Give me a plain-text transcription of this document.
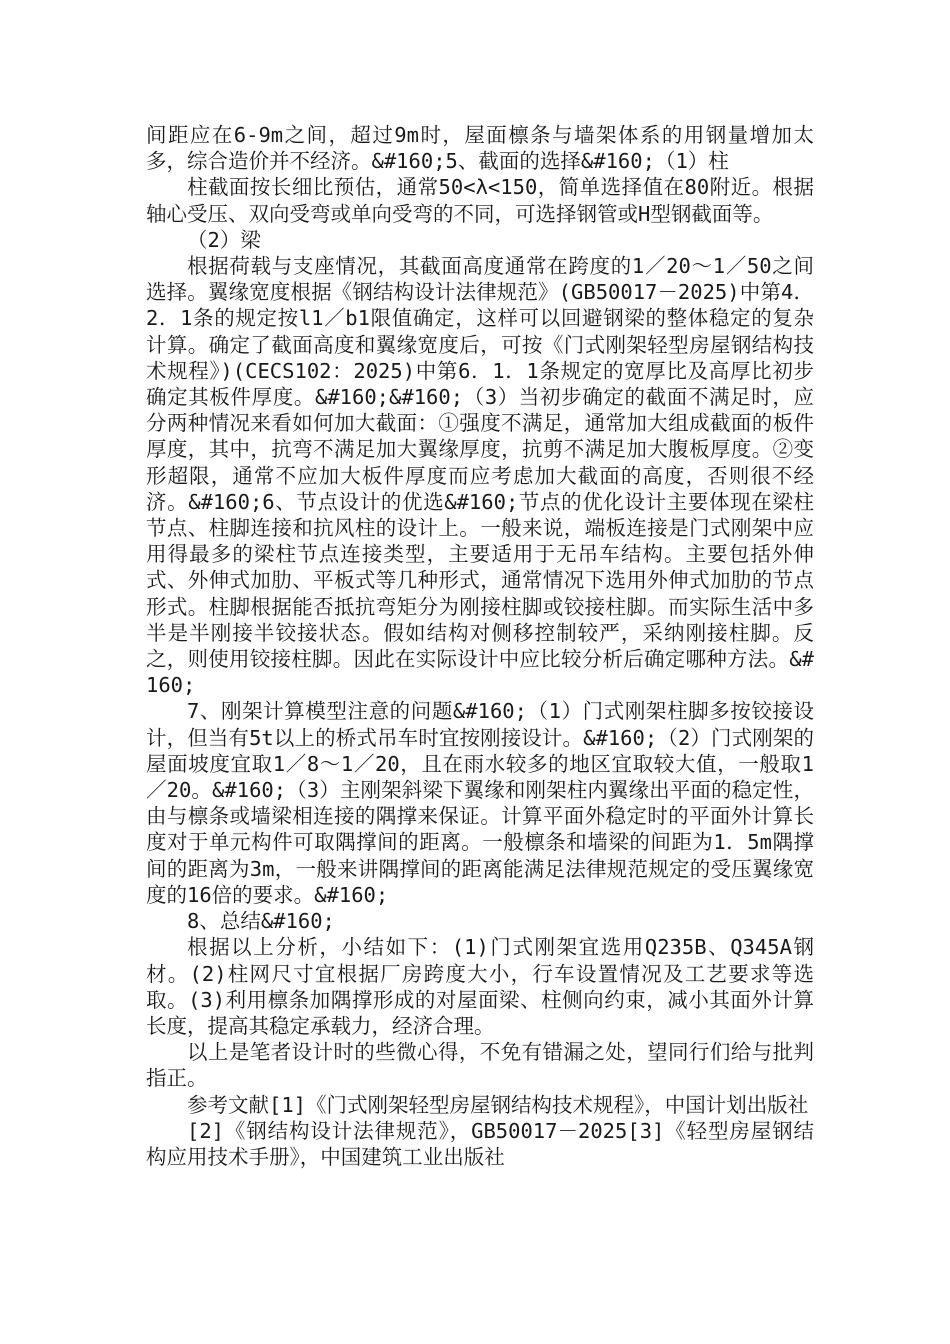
间距应在6-9m之间，超过9m时，屋面檩条与墙架体系的用钢量增加太多，综合造价并不经济。&#160;5、截面的选择&#160;（1）柱

柱截面按长细比预估，通常50<λ<150，简单选择值在80附近。根据轴心受压、双向受弯或单向受弯的不同，可选择钢管或H型钢截面等。

（2）梁

根据荷载与支座情况，其截面高度通常在跨度的1／20～1／50之间选择。翼缘宽度根据《钢结构设计法律规范》(GB50017－2025)中第4．2．1条的规定按l1／b1限值确定，这样可以回避钢梁的整体稳定的复杂计算。确定了截面高度和翼缘宽度后，可按《门式刚架轻型房屋钢结构技术规程》)(CECS102：2025)中第6．1．1条规定的宽厚比及高厚比初步确定其板件厚度。&#160;&#160;（3）当初步确定的截面不满足时，应分两种情况来看如何加大截面：①强度不满足，通常加大组成截面的板件厚度，其中，抗弯不满足加大翼缘厚度，抗剪不满足加大腹板厚度。②变形超限，通常不应加大板件厚度而应考虑加大截面的高度，否则很不经济。&#160;6、节点设计的优选&#160;节点的优化设计主要体现在梁柱节点、柱脚连接和抗风柱的设计上。一般来说，端板连接是门式刚架中应用得最多的梁柱节点连接类型，主要适用于无吊车结构。主要包括外伸式、外伸式加肋、平板式等几种形式，通常情况下选用外伸式加肋的节点形式。柱脚根据能否抵抗弯矩分为刚接柱脚或铰接柱脚。而实际生活中多半是半刚接半铰接状态。假如结构对侧移控制较严，采纳刚接柱脚。反之，则使用铰接柱脚。因此在实际设计中应比较分析后确定哪种方法。&#160;

7、刚架计算模型注意的问题&#160;（1）门式刚架柱脚多按铰接设计，但当有5t以上的桥式吊车时宜按刚接设计。&#160;（2）门式刚架的屋面坡度宜取1／8～1／20，且在雨水较多的地区宜取较大值，一般取1／20。&#160;（3）主刚架斜梁下翼缘和刚架柱内翼缘出平面的稳定性，由与檩条或墙梁相连接的隅撑来保证。计算平面外稳定时的平面外计算长度对于单元构件可取隅撑间的距离。一般檩条和墙梁的间距为1．5m隅撑间的距离为3m，一般来讲隅撑间的距离能满足法律规范规定的受压翼缘宽度的16倍的要求。&#160;

8、总结&#160;

根据以上分析，小结如下：(1)门式刚架宜选用Q235B、Q345A钢材。(2)柱网尺寸宜根据厂房跨度大小，行车设置情况及工艺要求等选取。(3)利用檩条加隅撑形成的对屋面梁、柱侧向约束，减小其面外计算长度，提高其稳定承载力，经济合理。

以上是笔者设计时的些微心得，不免有错漏之处，望同行们给与批判指正。

参考文献[1]《门式刚架轻型房屋钢结构技术规程》，中国计划出版社

[2]《钢结构设计法律规范》，GB50017－2025[3]《轻型房屋钢结构应用技术手册》，中国建筑工业出版社
